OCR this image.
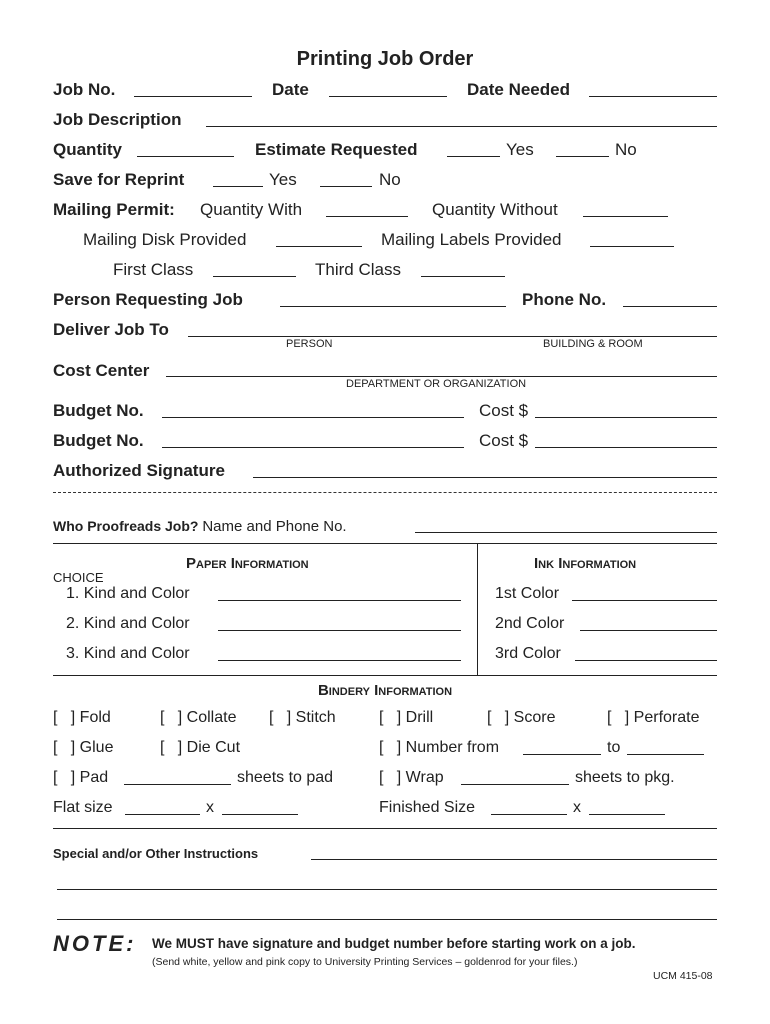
Printing Job Order
Job No.	Date	Date Needed
Job Description
Quantity	Estimate Requested	Yes	No
Save for Reprint	Yes	No
Mailing Permit: Quantity With	Quantity Without
Mailing Disk Provided	Mailing Labels Provided
First Class	Third Class
Person Requesting Job	Phone No.
Deliver Job To
PERSON	BUILDING & ROOM
Cost Center
DEPARTMENT OR ORGANIZATION
Budget No.	Cost $
Budget No.	Cost $
Authorized Signature
Who Proofreads Job? Name and Phone No.
Paper Information
CHOICE
1. Kind and Color
2. Kind and Color
3. Kind and Color
Ink Information
1st Color
2nd Color
3rd Color
Bindery Information
[   ] Fold	[   ] Collate [   ] Stitch	[   ] Drill	[   ] Score	[   ] Perforate
[   ] Glue	[   ] Die Cut	[   ] Number from	to
[   ] Pad	sheets to pad	[   ] Wrap	sheets to pkg.
Flat size	x	Finished Size	x
Special and/or Other Instructions
NOTE: We MUST have signature and budget number before starting work on a job.
(Send white, yellow and pink copy to University Printing Services – goldenrod for your files.)
UCM 415-08
